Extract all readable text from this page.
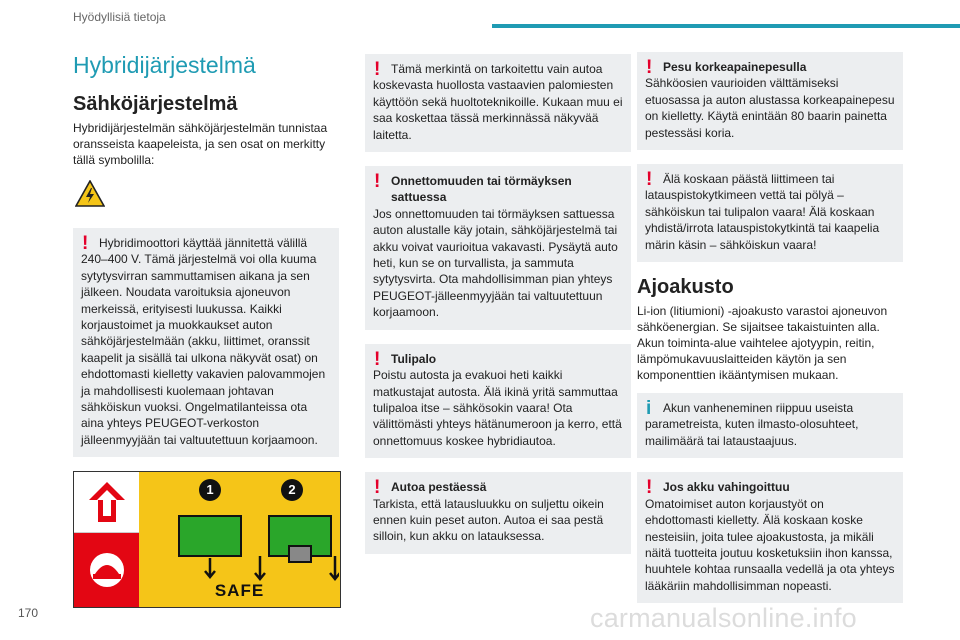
Hyödyllisiä tietoja
Hybridijärjestelmä
Sähköjärjestelmä

Hybridijärjestelmän sähköjärjestelmän tunnistaa oransseista kaapeleista, ja sen osat on merkitty tällä symbolilla:

! Hybridimoottori käyttää jännitettä välillä
240–400 V. Tämä järjestelmä voi olla kuuma sytytysvirran sammuttamisen aikana ja sen jälkeen. Noudata varoituksia ajoneuvon merkeissä, erityisesti luukussa. Kaikki korjaustoimet ja muokkaukset auton sähköjärjestelmään (akku, liittimet, oranssit kaapelit ja sisällä tai ulkona näkyvät osat) on ehdottomasti kielletty vakavien palovammojen ja mahdollisesti kuolemaan johtavan sähköiskun vuoksi. Ongelmatilanteissa ota aina yhteys PEUGEOT-verkoston jälleenmyyjään tai valtuutettuun korjaamoon.
1	2
SAFE
! Tämä merkintä on tarkoitettu vain autoa
koskevasta huollosta vastaavien palomiesten käyttöön sekä huoltoteknikoille. Kukaan muu ei saa koskettaa tässä merkinnässä näkyvää laitetta.
! Onnettomuuden tai törmäyksen sattuessa
Jos onnettomuuden tai törmäyksen sattuessa auton alustalle käy jotain, sähköjärjestelmä tai akku voivat vaurioitua vakavasti. Pysäytä auto heti, kun se on turvallista, ja sammuta sytytysvirta. Ota mahdollisimman pian yhteys PEUGEOT-jälleenmyyjään tai valtuutettuun korjaamoon.
! Tulipalo
Poistu autosta ja evakuoi heti kaikki matkustajat autosta. Älä ikinä yritä sammuttaa tulipaloa itse – sähkösokin vaara! Ota välittömästi yhteys hätänumeroon ja kerro, että onnettomuus koskee hybridiautoa.
! Autoa pestäessä
Tarkista, että latausluukku on suljettu oikein ennen kuin peset auton. Autoa ei saa pestä silloin, kun akku on latauksessa.
! Pesu korkeapainepesulla
Sähköosien vaurioiden välttämiseksi etuosassa ja auton alustassa korkeapainepesu on kielletty. Käytä enintään 80 baarin painetta pestessäsi koria.
! Älä koskaan päästä liittimeen tai
latauspistokytkimeen vettä tai pölyä – sähköiskun tai tulipalon vaara! Älä koskaan yhdistä/irrota latauspistokytkintä tai kaapelia märin käsin – sähköiskun vaara!
Ajoakusto

Li-ion (litiumioni) -ajoakusto varastoi ajoneuvon sähköenergian. Se sijaitsee takaistuinten alla. Akun toiminta-alue vaihtelee ajotyypin, reitin, lämpömukavuuslaitteiden käytön ja sen komponenttien ikääntymisen mukaan.

i Akun vanheneminen riippuu useista
parametreista, kuten ilmasto-olosuhteet, mailimäärä tai lataustaajuus.
! Jos akku vahingoittuu
Omatoimiset auton korjaustyöt on ehdottomasti kielletty. Älä koskaan koske nesteisiin, joita tulee ajoakustosta, ja mikäli näitä tuotteita joutuu kosketuksiin ihon kanssa, huuhtele kohtaa runsaalla vedellä ja ota yhteys lääkäriin mahdollisimman nopeasti.
170	carmanualsonline.info
